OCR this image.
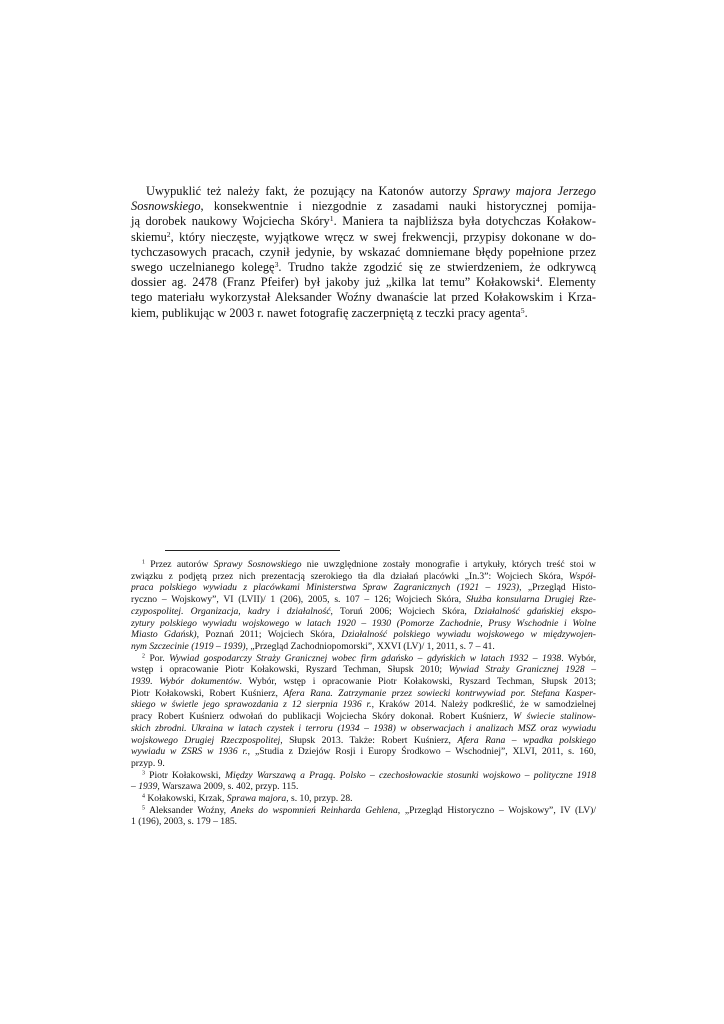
Uwypuklić też należy fakt, że pozujący na Katonów autorzy Sprawy majora Jerzego
Sosnowskiego, konsekwentnie i niezgodnie z zasadami nauki historycznej pomija-
ją dorobek naukowy Wojciecha Skóry$^1$. Maniera ta najbliższa była dotychczas Kołakow-
skiemu$^2$, który nieczęste, wyjątkowe wręcz w swej frekwencji, przypisy dokonane w do-
tychczasowych pracach, czynił jedynie, by wskazać domniemane błędy popełnione przez
swego uczelnianego kolegę$^3$. Trudno także zgodzić się ze stwierdzeniem, że odkrywcą
dossier ag. 2478 (Franz Pfeifer) był jakoby już „kilka lat temu” Kołakowski$^4$. Elementy
tego materiału wykorzystał Aleksander Woźny dwanaście lat przed Kołakowskim i Krza-
kiem, publikując w 2003 r. nawet fotografię zaczerpniętą z teczki pracy agenta$^5$.
$^1$ Przez autorów Sprawy Sosnowskiego nie uwzględnione zostały monografie i artykuły, których treść stoi w
związku z podjętą przez nich prezentacją szerokiego tła dla działań placówki „In.3”: Wojciech Skóra, Współ-
praca polskiego wywiadu z placówkami Ministerstwa Spraw Zagranicznych (1921 – 1923), „Przegląd Histo-
ryczno – Wojskowy”, VI (LVII)/ 1 (206), 2005, s. 107 – 126; Wojciech Skóra, Służba konsularna Drugiej Rze-
czypospolitej. Organizacja, kadry i działalność, Toruń 2006; Wojciech Skóra, Działalność gdańskiej ekspo-
zytury polskiego wywiadu wojskowego w latach 1920 – 1930 (Pomorze Zachodnie, Prusy Wschodnie i Wolne
Miasto Gdańsk), Poznań 2011; Wojciech Skóra, Działalność polskiego wywiadu wojskowego w międzywojen-
nym Szczecinie (1919 – 1939), „Przegląd Zachodniopomorski”, XXVI (LV)/ 1, 2011, s. 7 – 41.
$^2$ Por. Wywiad gospodarczy Straży Granicznej wobec firm gdańsko – gdyńskich w latach 1932 – 1938. Wybór,
wstęp i opracowanie Piotr Kołakowski, Ryszard Techman, Słupsk 2010; Wywiad Straży Granicznej 1928 –
1939. Wybór dokumentów. Wybór, wstęp i opracowanie Piotr Kołakowski, Ryszard Techman, Słupsk 2013;
Piotr Kołakowski, Robert Kuśnierz, Afera Rana. Zatrzymanie przez sowiecki kontrwywiad por. Stefana Kasper-
skiego w świetle jego sprawozdania z 12 sierpnia 1936 r., Kraków 2014. Należy podkreślić, że w samodzielnej
pracy Robert Kuśnierz odwołań do publikacji Wojciecha Skóry dokonał. Robert Kuśnierz, W świecie stalinow-
skich zbrodni. Ukraina w latach czystek i terroru (1934 – 1938) w obserwacjach i analizach MSZ oraz wywiadu
wojskowego Drugiej Rzeczpospolitej, Słupsk 2013. Także: Robert Kuśnierz, Afera Rana – wpadka polskiego
wywiadu w ZSRS w 1936 r., „Studia z Dziejów Rosji i Europy Środkowo – Wschodniej”, XLVI, 2011, s. 160,
przyp. 9.
$^3$ Piotr Kołakowski, Między Warszawą a Pragą. Polsko – czechosłowackie stosunki wojskowo – polityczne 1918
– 1939, Warszawa 2009, s. 402, przyp. 115.
$^4$ Kołakowski, Krzak, Sprawa majora, s. 10, przyp. 28.
$^5$ Aleksander Woźny, Aneks do wspomnień Reinharda Gehlena, „Przegląd Historyczno – Wojskowy”, IV (LV)/
1 (196), 2003, s. 179 – 185.
